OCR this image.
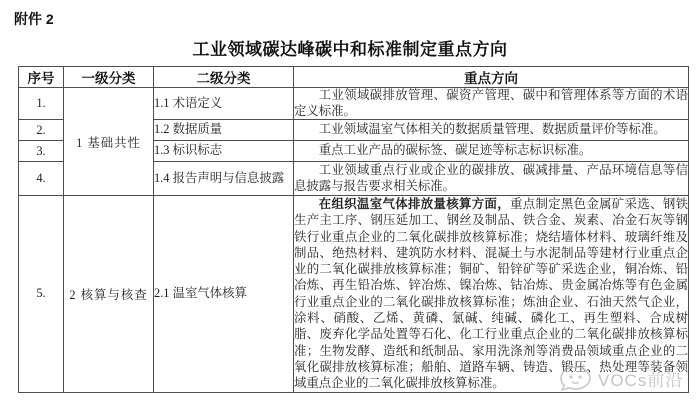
附件 2
工业领域碳达峰碳中和标准制定重点方向
序号	一级分类	二级分类	重点方向
1.	1 基础共性	1.1 术语定义	工业领域碳排放管理、碳资产管理、碳中和管理体系等方面的术语定义标准。

2.		1.2 数据质量	工业领域温室气体相关的数据质量管理、数据质量评价等标准。

3.		1.3 标识标志	重点工业产品的碳标签、碳足迹等标志标识标准。

4.		1.4 报告声明与信息披露	工业领域重点行业或企业的碳排放、碳减排量、产品环境信息等信息披露与报告要求相关标准。

5.	2 核算与核查	2.1 温室气体核算	在组织温室气体排放量核算方面，重点制定黑色金属矿采选、钢铁生产主工序、钢压延加工、钢丝及制品、铁合金、炭素、冶金石灰等钢铁行业重点企业的二氧化碳排放核算标准；烧结墙体材料、玻璃纤维及制品、绝热材料、建筑防水材料、混凝土与水泥制品等建材行业重点企业的二氧化碳排放核算标准；铜矿、铅锌矿等矿采选企业，铜冶炼、铅冶炼、再生铅冶炼、锌冶炼、镍冶炼、钴冶炼、贵金属冶炼等有色金属行业重点企业的二氧化碳排放核算标准；炼油企业、石油天然气企业，涂料、硝酸、乙烯、黄磷、氯碱、纯碱、磷化工、再生塑料、合成树脂、废弃化学品处置等石化、化工行业重点企业的二氧化碳排放核算标准；生物发酵、造纸和纸制品、家用洗涤剂等消费品领域重点企业的二氧化碳排放核算标准；船舶、道路车辆、铸造、锻压、热处理等装备领域重点企业的二氧化碳排放核算标准。	VOCs前沿
